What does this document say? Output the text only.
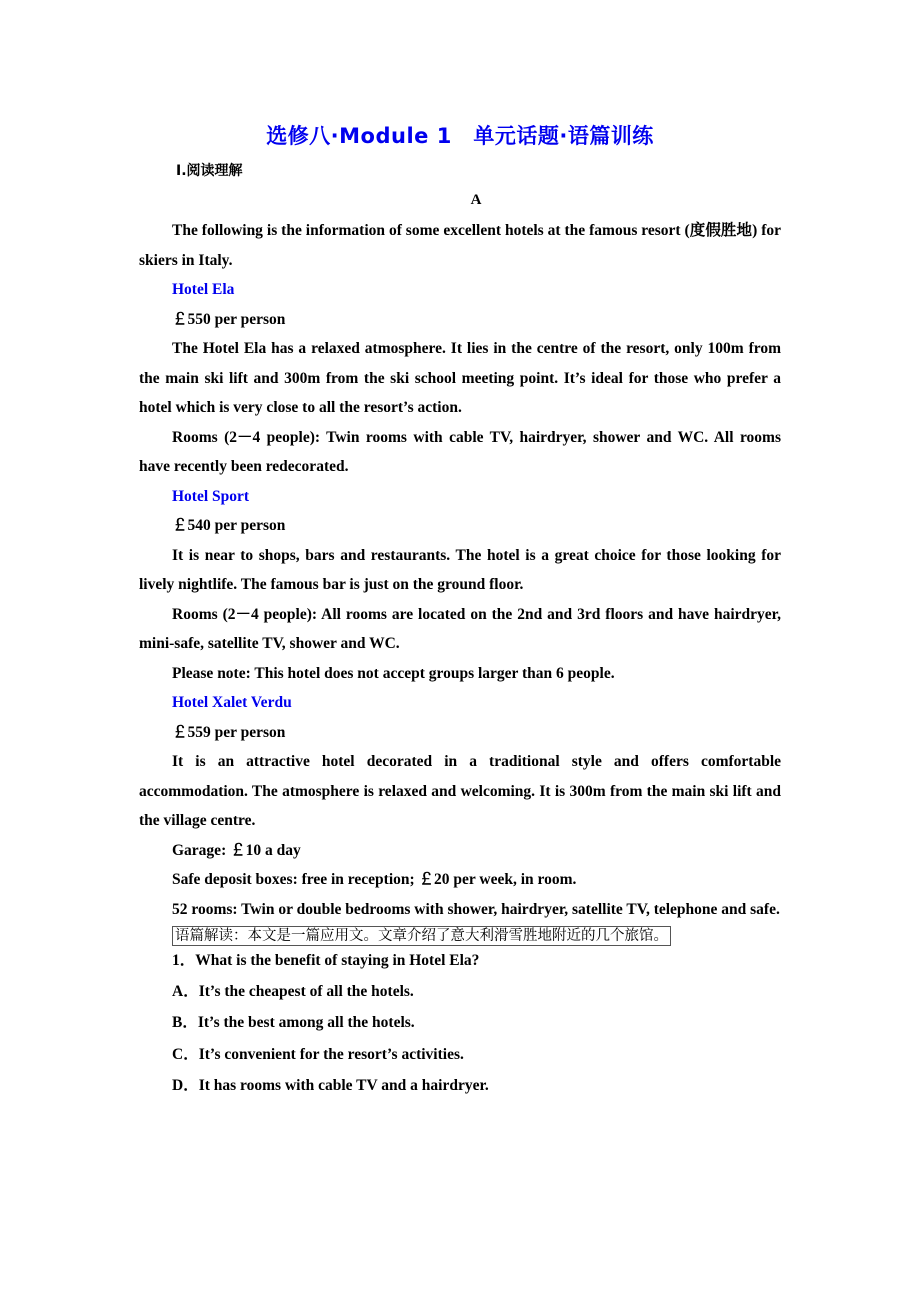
选修八·Module 1　单元话题·语篇训练
Ⅰ.阅读理解
A

The following is the information of some excellent hotels at the famous resort (度假胜地) for skiers in Italy.

Hotel Ela

￡550 per person

The Hotel Ela has a relaxed atmosphere. It lies in the centre of the resort, only 100m from the main ski lift and 300m from the ski school meeting point. It’s ideal for those who prefer a hotel which is very close to all the resort’s action.

Rooms (2－4 people): Twin rooms with cable TV, hairdryer, shower and WC. All rooms have recently been redecorated.

Hotel Sport

￡540 per person

It is near to shops, bars and restaurants. The hotel is a great choice for those looking for lively nightlife. The famous bar is just on the ground floor.

Rooms (2－4 people): All rooms are located on the 2nd and 3rd floors and have hairdryer, mini-safe, satellite TV, shower and WC.

Please note: This hotel does not accept groups larger than 6 people.

Hotel Xalet Verdu

￡559 per person

It is an attractive hotel decorated in a traditional style and offers comfortable accommodation. The atmosphere is relaxed and welcoming. It is 300m from the main ski lift and the village centre.

Garage: ￡10 a day

Safe deposit boxes: free in reception; ￡20 per week, in room.

52 rooms: Twin or double bedrooms with shower, hairdryer, satellite TV, telephone and safe.

语篇解读：本文是一篇应用文。文章介绍了意大利滑雪胜地附近的几个旅馆。

1．What is the benefit of staying in Hotel Ela?

A．It’s the cheapest of all the hotels.

B．It’s the best among all the hotels.

C．It’s convenient for the resort’s activities.

D．It has rooms with cable TV and a hairdryer.
